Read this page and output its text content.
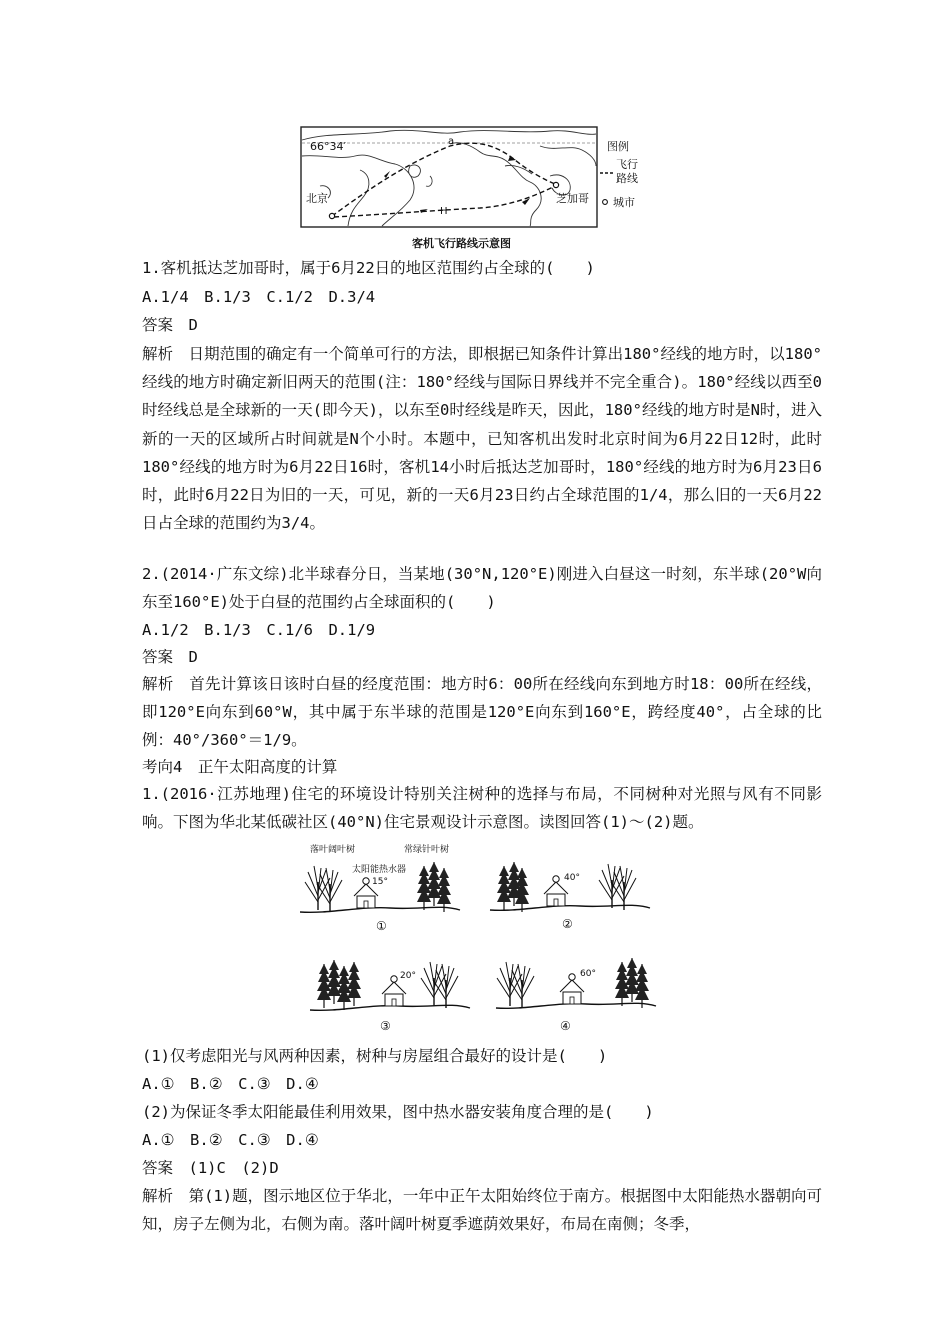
66°34′	a
北京
H
芝加哥
图例
飞行
路线
城市
客机飞行路线示意图
1.客机抵达芝加哥时，属于6月22日的地区范围约占全球的(　　)
A.1/4　B.1/3　C.1/2　D.3/4
答案　D
解析　日期范围的确定有一个简单可行的方法，即根据已知条件计算出180°经线的地方时，以180°经线的地方时确定新旧两天的范围(注：180°经线与国际日界线并不完全重合)。180°经线以西至0时经线总是全球新的一天(即今天)，以东至0时经线是昨天，因此，180°经线的地方时是N时，进入新的一天的区域所占时间就是N个小时。本题中，已知客机出发时北京时间为6月22日12时，此时180°经线的地方时为6月22日16时，客机14小时后抵达芝加哥时，180°经线的地方时为6月23日6时，此时6月22日为旧的一天，可见，新的一天6月23日约占全球范围的1/4，那么旧的一天6月22日占全球的范围约为3/4。
2.(2014·广东文综)北半球春分日，当某地(30°N,120°E)刚进入白昼这一时刻，东半球(20°W向东至160°E)处于白昼的范围约占全球面积的(　　)
A.1/2　B.1/3　C.1/6　D.1/9
答案　D
解析　首先计算该日该时白昼的经度范围：地方时6：00所在经线向东到地方时18：00所在经线，即120°E向东到60°W，其中属于东半球的范围是120°E向东到160°E，跨经度40°，占全球的比例：40°/360°＝1/9。
考向4　正午太阳高度的计算
1.(2016·江苏地理)住宅的环境设计特别关注树种的选择与布局，不同树种对光照与风有不同影响。下图为华北某低碳社区(40°N)住宅景观设计示意图。读图回答(1)～(2)题。
落叶阔叶树	常绿针叶树
太阳能热水器
15°
①
40°
②
20°
③
60°
④
(1)仅考虑阳光与风两种因素，树种与房屋组合最好的设计是(　　)
A.①　B.②　C.③　D.④
(2)为保证冬季太阳能最佳利用效果，图中热水器安装角度合理的是(　　)
A.①　B.②　C.③　D.④
答案　(1)C　(2)D
解析　第(1)题，图示地区位于华北，一年中正午太阳始终位于南方。根据图中太阳能热水器朝向可知，房子左侧为北，右侧为南。落叶阔叶树夏季遮荫效果好，布局在南侧；冬季，
